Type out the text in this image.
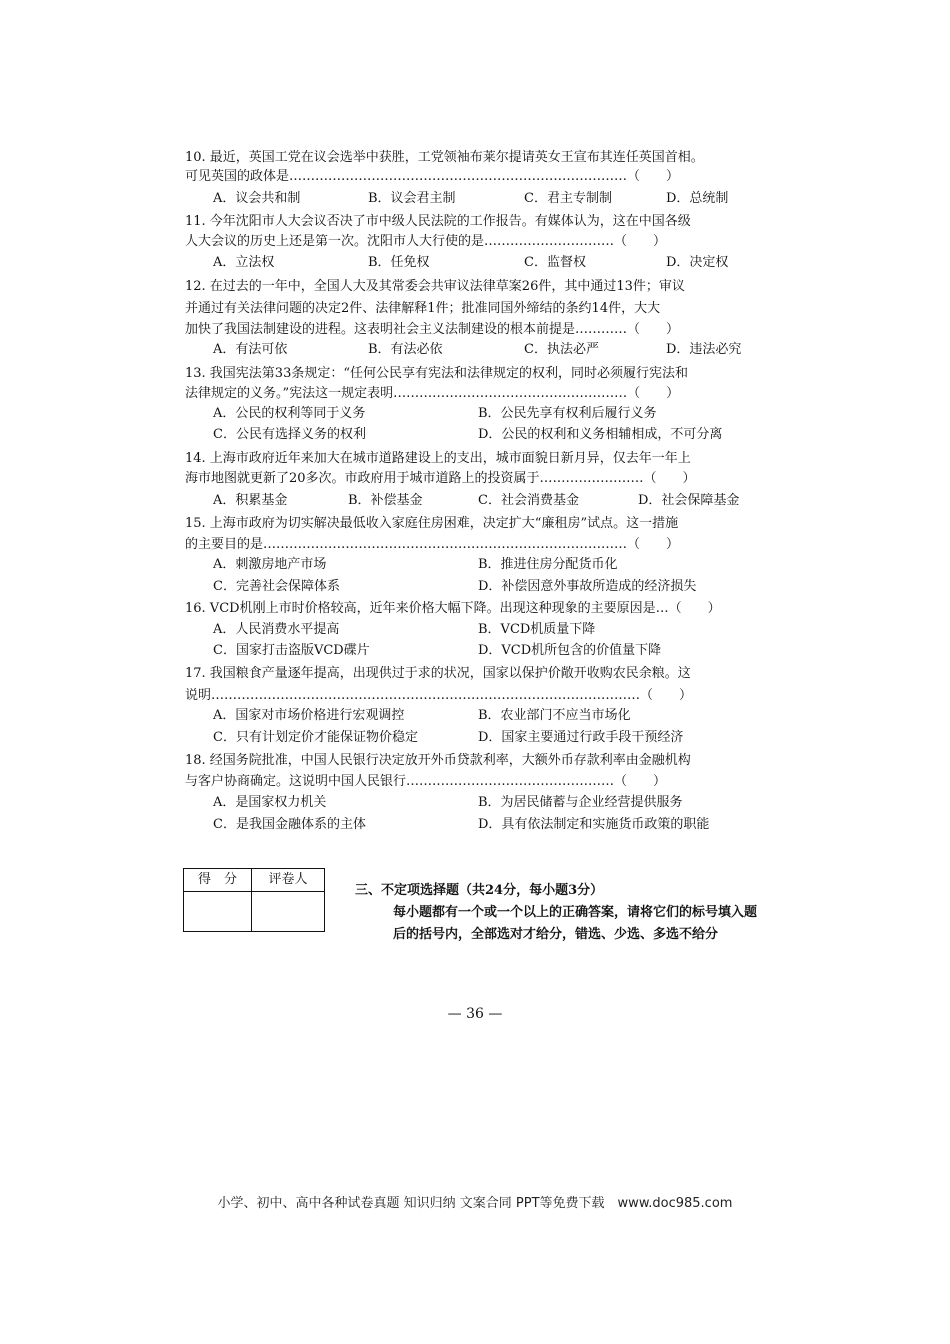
10. 最近，英国工党在议会选举中获胜，工党领袖布莱尔提请英女王宣布其连任英国首相。
可见英国的政体是……………………………………………………………………（　　）
A．议会共和制	B．议会君主制	C．君主专制制	D．总统制
11. 今年沈阳市人大会议否决了市中级人民法院的工作报告。有媒体认为，这在中国各级
人大会议的历史上还是第一次。沈阳市人大行使的是…………………………（　　）
A．立法权	B．任免权	C．监督权	D．决定权
12. 在过去的一年中，全国人大及其常委会共审议法律草案26件，其中通过13件；审议
并通过有关法律问题的决定2件、法律解释1件；批准同国外缔结的条约14件，大大
加快了我国法制建设的进程。这表明社会主义法制建设的根本前提是…………（　　）
A．有法可依	B．有法必依	C．执法必严	D．违法必究
13. 我国宪法第33条规定：“任何公民享有宪法和法律规定的权利，同时必须履行宪法和
法律规定的义务。”宪法这一规定表明………………………………………………（　　）
A．公民的权利等同于义务	B．公民先享有权利后履行义务
C．公民有选择义务的权利	D．公民的权利和义务相辅相成，不可分离
14. 上海市政府近年来加大在城市道路建设上的支出，城市面貌日新月异，仅去年一年上
海市地图就更新了20多次。市政府用于城市道路上的投资属于……………………（　　）
A．积累基金	B．补偿基金	C．社会消费基金	D．社会保障基金
15. 上海市政府为切实解决最低收入家庭住房困难，决定扩大“廉租房”试点。这一措施
的主要目的是…………………………………………………………………………（　　）
A．刺激房地产市场	B．推进住房分配货币化
C．完善社会保障体系	D．补偿因意外事故所造成的经济损失
16. VCD机刚上市时价格较高，近年来价格大幅下降。出现这种现象的主要原因是…（　　）
A．人民消费水平提高	B．VCD机质量下降
C．国家打击盗版VCD碟片	D．VCD机所包含的价值量下降
17. 我国粮食产量逐年提高，出现供过于求的状况，国家以保护价敞开收购农民余粮。这
说明………………………………………………………………………………………（　　）
A．国家对市场价格进行宏观调控	B．农业部门不应当市场化
C．只有计划定价才能保证物价稳定	D．国家主要通过行政手段干预经济
18. 经国务院批准，中国人民银行决定放开外币贷款利率，大额外币存款利率由金融机构
与客户协商确定。这说明中国人民银行…………………………………………（　　）
A．是国家权力机关	B．为居民储蓄与企业经营提供服务
C．是我国金融体系的主体	D．具有依法制定和实施货币政策的职能
得　分	评卷人
三、不定项选择题（共24分，每小题3分）
每小题都有一个或一个以上的正确答案，请将它们的标号填入题后的括号内，全部选对才给分，错选、少选、多选不给分
— 36 —
小学、初中、高中各种试卷真题 知识归纳 文案合同 PPT等免费下载　www.doc985.com
